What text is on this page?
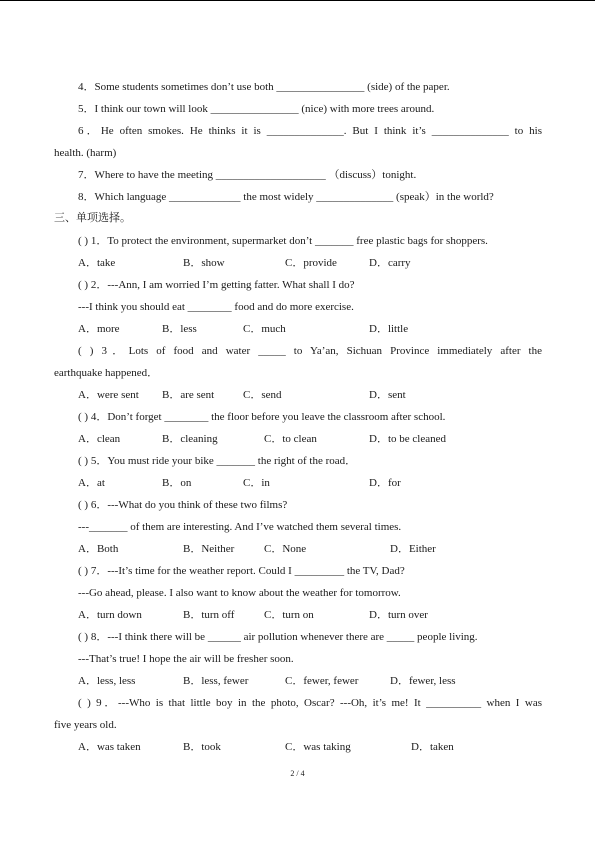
4．Some students sometimes don’t use both ________________ (side) of the paper.
5．I think our town will look ________________ (nice) with more trees around.
6．He often smokes. He thinks it is ______________. But I think it’s ______________ to his
health. (harm)
7．Where to have the meeting ____________________ （discuss）tonight.
8．Which language _____________ the most widely ______________ (speak）in the world?
三、单项选择。
( ) 1．To protect the environment, supermarket don’t _______ free plastic bags for shoppers.
A．take	B．show	C．provide	D．carry
( ) 2．---Ann, I am worried I’m getting fatter. What shall I do?
---I think you should eat ________ food and do more exercise.
A．more	B．less	C．much	D．little
( ) 3．Lots of food and water _____ to Ya’an, Sichuan Province immediately after the
earthquake happened．
A．were sent B．are sent	C．send	D．sent
( ) 4．Don’t forget ________ the floor before you leave the classroom after school.
A．clean	B．cleaning	C．to clean	D．to be cleaned
( ) 5．You must ride your bike _______ the right of the road．
A．at	B．on	C．in	D．for
( ) 6．---What do you think of these two films?
---_______ of them are interesting. And I’ve watched them several times.
A．Both	B．Neither	C．None	D．Either
( ) 7．---It’s time for the weather report. Could I _________ the TV, Dad?
---Go ahead, please. I also want to know about the weather for tomorrow.
A．turn down	B．turn off	C．turn on	D．turn over
( ) 8．---I think there will be ______ air pollution whenever there are _____ people living.
---That’s true! I hope the air will be fresher soon.
A．less, less	B．less, fewer	C．fewer, fewer	D．fewer, less
( ) 9．---Who is that little boy in the photo, Oscar? ---Oh, it’s me! It __________ when I was
five years old.
A．was taken	B．took	C．was taking	D．taken
2 / 4
